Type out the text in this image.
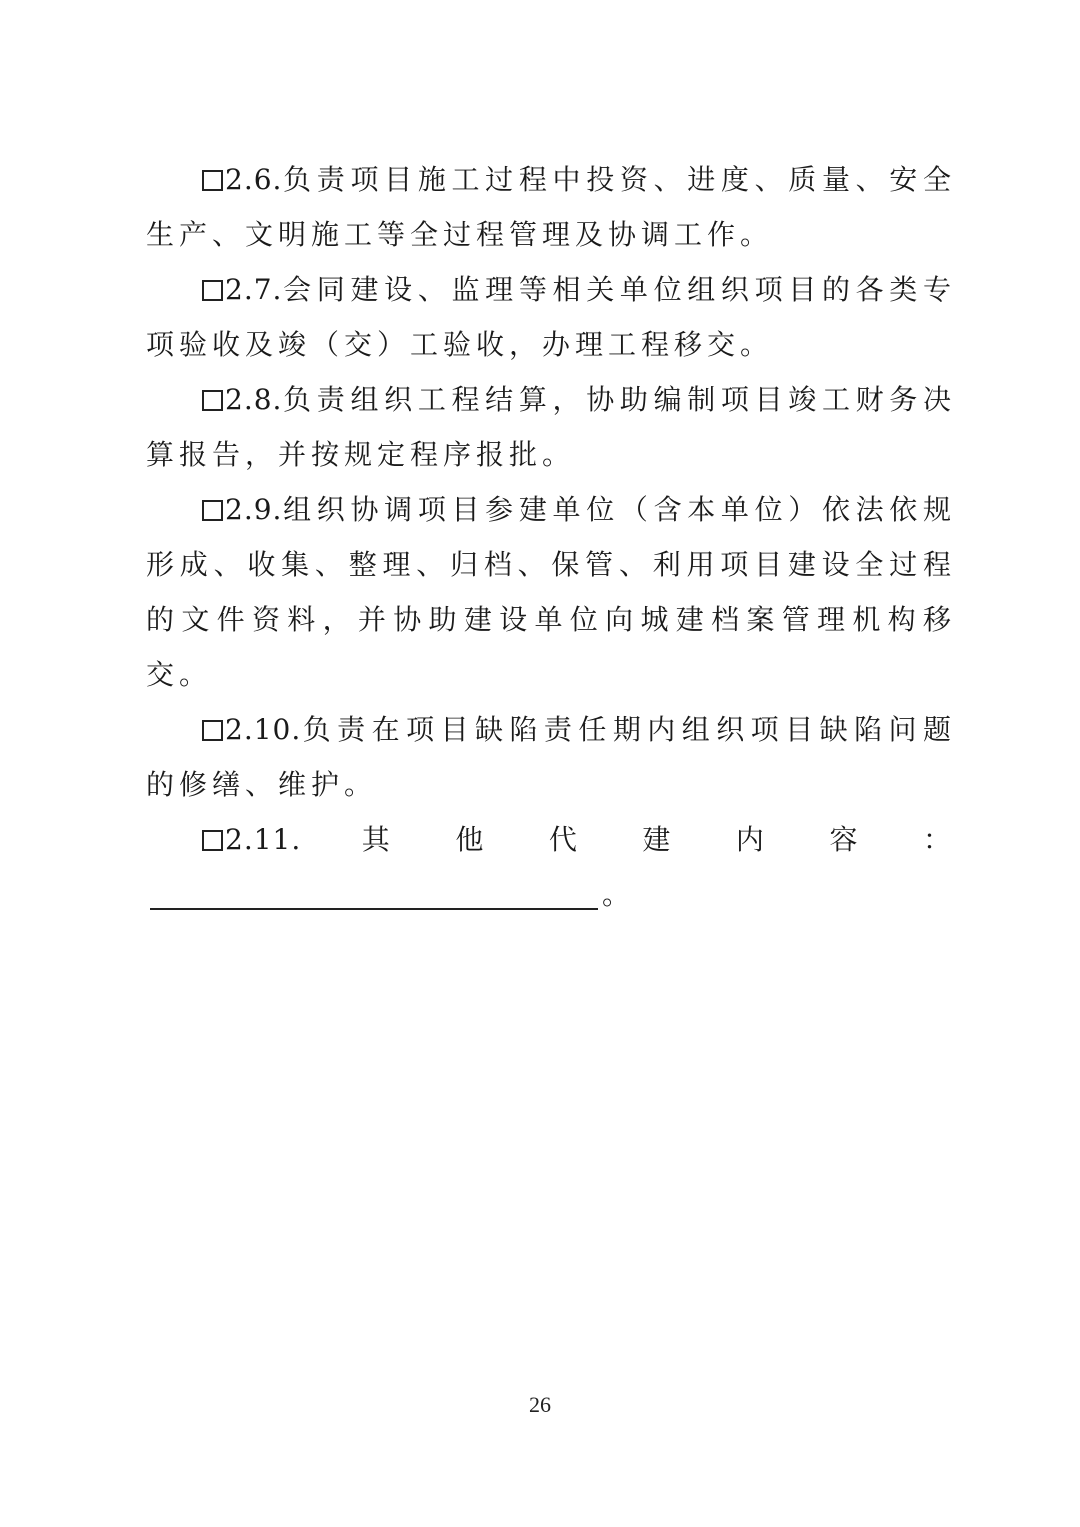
2.6.负责项目施工过程中投资、进度、质量、安全生产、文明施工等全过程管理及协调工作。

2.7.会同建设、监理等相关单位组织项目的各类专项验收及竣（交）工验收，办理工程移交。

2.8.负责组织工程结算，协助编制项目竣工财务决算报告，并按规定程序报批。

2.9.组织协调项目参建单位（含本单位）依法依规形成、收集、整理、归档、保管、利用项目建设全过程的文件资料，并协助建设单位向城建档案管理机构移交。

2.10.负责在项目缺陷责任期内组织项目缺陷问题的修缮、维护。

2.11.其他代建内容：。

26
